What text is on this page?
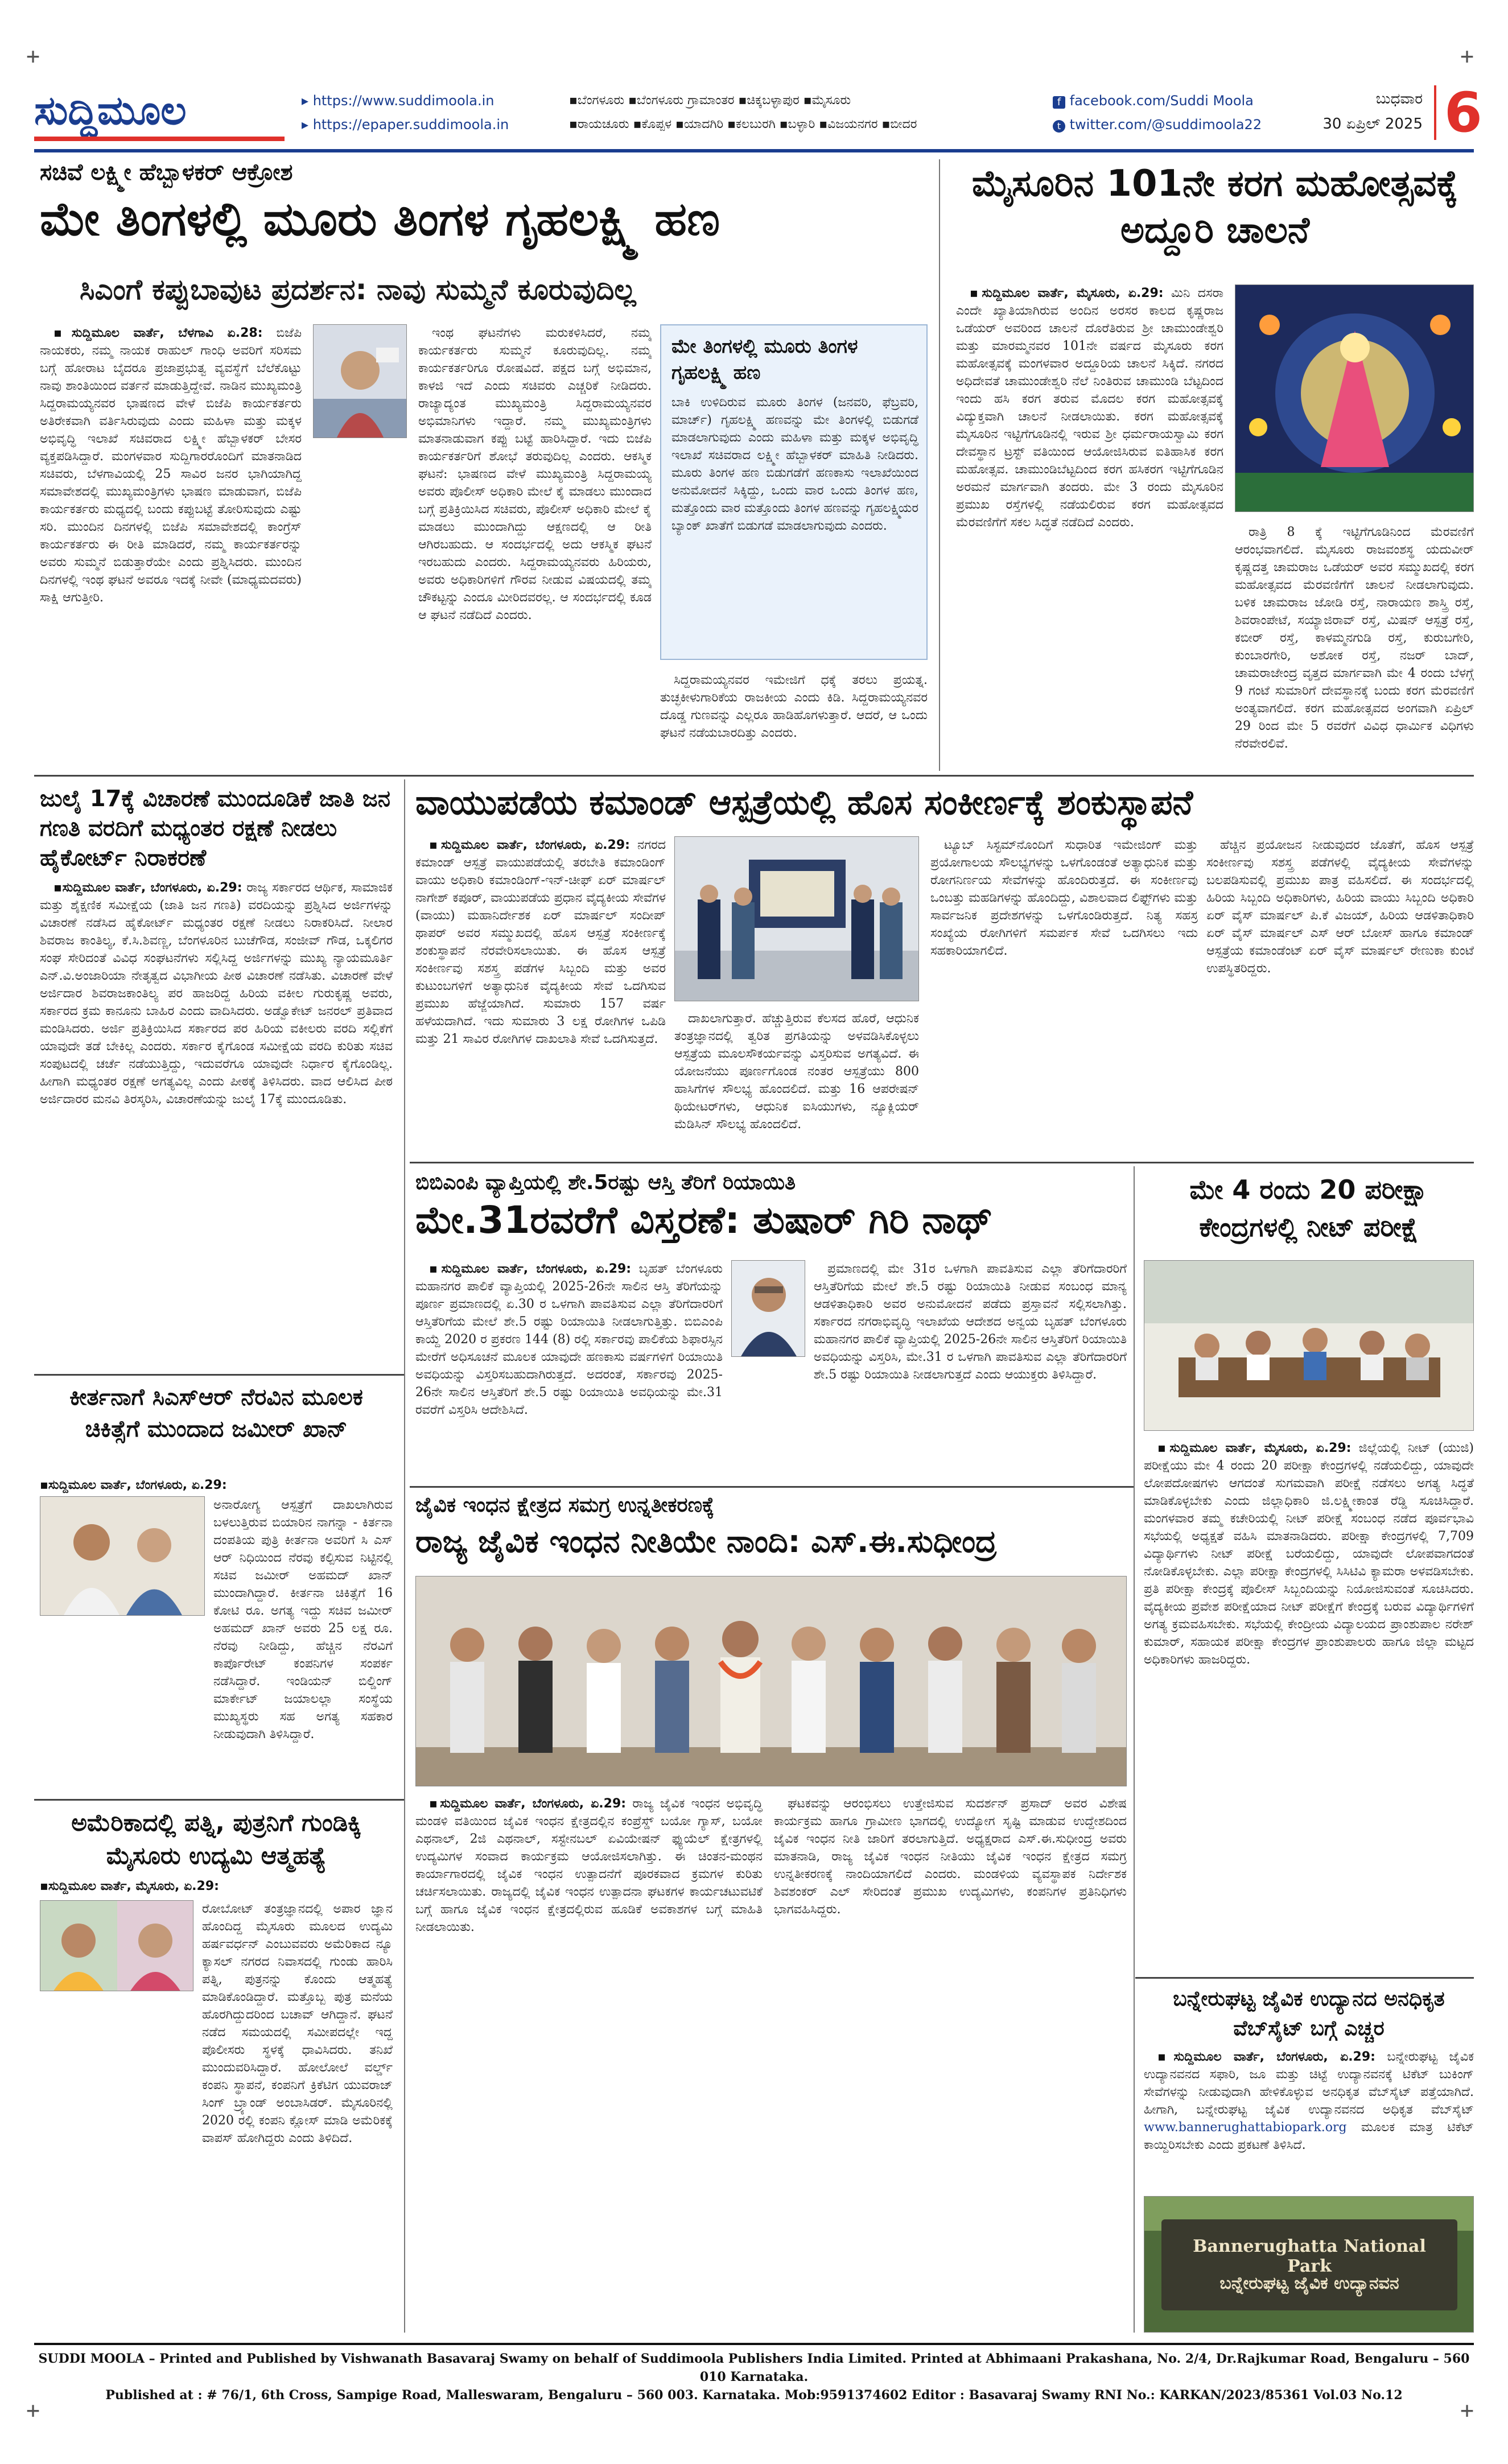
+	+
+	+
ಸುದ್ದಿಮೂಲ	▸ https://www.suddimoola.in
▸ https://epaper.suddimoola.in
▪ಬೆಂಗಳೂರು ▪ಬೆಂಗಳೂರು ಗ್ರಾಮಾಂತರ ▪ಚಿಕ್ಕಬಳ್ಳಾಪುರ ▪ಮೈಸೂರು
▪ರಾಯಚೂರು ▪ಕೊಪ್ಪಳ ▪ಯಾದಗಿರಿ ▪ಕಲಬುರಗಿ ▪ಬಳ್ಳಾರಿ ▪ವಿಜಯನಗರ ▪ಬೀದರ
f facebook.com/Suddi Moola
t twitter.com/@suddimoola22
ಬುಧವಾರ
30 ಏಪ್ರಿಲ್ 2025 6
ಸಚಿವೆ ಲಕ್ಷ್ಮೀ ಹೆಬ್ಬಾಳಕರ್ ಆಕ್ರೋಶ
ಮೇ ತಿಂಗಳಲ್ಲಿ ಮೂರು ತಿಂಗಳ ಗೃಹಲಕ್ಷ್ಮಿ ಹಣ
ಸಿಎಂಗೆ ಕಪ್ಪುಬಾವುಟ ಪ್ರದರ್ಶನ: ನಾವು ಸುಮ್ಮನೆ ಕೂರುವುದಿಲ್ಲ

▪ಸುದ್ದಿಮೂಲ ವಾರ್ತೆ, ಬೆಳಗಾವಿ ಏ.28: ಬಿಜೆಪಿ ನಾಯಕರು, ನಮ್ಮ ನಾಯಕ ರಾಹುಲ್ ಗಾಂಧಿ ಅವರಿಗೆ ಸರಿಸಮ ಬಗ್ಗೆ ಹೋರಾಟ ಬೈದರೂ ಪ್ರಜಾಪ್ರಭುತ್ವ ವ್ಯವಸ್ಥೆಗೆ ಬೆಲೆಕೊಟ್ಟು ನಾವು ಶಾಂತಿಯಿಂದ ವರ್ತನೆ ಮಾಡುತ್ತಿದ್ದೇವೆ. ನಾಡಿನ ಮುಖ್ಯಮಂತ್ರಿ ಸಿದ್ದರಾಮಯ್ಯನವರ ಭಾಷಣದ ವೇಳೆ ಬಿಜೆಪಿ ಕಾರ್ಯಕರ್ತರು ಅತಿರೇಕವಾಗಿ ವರ್ತಿಸಿರುವುದು ಎಂದು ಮಹಿಳಾ ಮತ್ತು ಮಕ್ಕಳ ಅಭಿವೃದ್ಧಿ ಇಲಾಖೆ ಸಚಿವರಾದ ಲಕ್ಷ್ಮೀ ಹೆಬ್ಬಾಳಕರ್ ಬೇಸರ ವ್ಯಕ್ತಪಡಿಸಿದ್ದಾರೆ. ಮಂಗಳವಾರ ಸುದ್ದಿಗಾರರೊಂದಿಗೆ ಮಾತನಾಡಿದ ಸಚಿವರು, ಬೆಳಗಾವಿಯಲ್ಲಿ 25 ಸಾವಿರ ಜನರ ಭಾಗಿಯಾಗಿದ್ದ ಸಮಾವೇಶದಲ್ಲಿ ಮುಖ್ಯಮಂತ್ರಿಗಳು ಭಾಷಣ ಮಾಡುವಾಗ, ಬಿಜೆಪಿ ಕಾರ್ಯಕರ್ತರು ಮಧ್ಯದಲ್ಲಿ ಬಂದು ಕಪ್ಪುಬಟ್ಟೆ ತೋರಿಸುವುದು ಎಷ್ಟು ಸರಿ. ಮುಂದಿನ ದಿನಗಳಲ್ಲಿ ಬಿಜೆಪಿ ಸಮಾವೇಶದಲ್ಲಿ ಕಾಂಗ್ರೆಸ್ ಕಾರ್ಯಕರ್ತರು ಈ ರೀತಿ ಮಾಡಿದರೆ, ನಮ್ಮ ಕಾರ್ಯಕರ್ತರನ್ನು ಅವರು ಸುಮ್ಮನೆ ಬಿಡುತ್ತಾರೆಯೇ ಎಂದು ಪ್ರಶ್ನಿಸಿದರು. ಮುಂದಿನ ದಿನಗಳಲ್ಲಿ ಇಂಥ ಘಟನೆ ಅವರೂ ಇದಕ್ಕೆ ನೀವೇ (ಮಾಧ್ಯಮದವರು) ಸಾಕ್ಷಿ ಆಗುತ್ತೀರಿ.

ಇಂಥ ಘಟನೆಗಳು ಮರುಕಳಿಸಿದರೆ, ನಮ್ಮ ಕಾರ್ಯಕರ್ತರು ಸುಮ್ಮನೆ ಕೂರುವುದಿಲ್ಲ. ನಮ್ಮ ಕಾರ್ಯಕರ್ತರಿಗೂ ರೋಷವಿದೆ. ಪಕ್ಷದ ಬಗ್ಗೆ ಅಭಿಮಾನ, ಕಾಳಜಿ ಇದೆ ಎಂದು ಸಚಿವರು ಎಚ್ಚರಿಕೆ ನೀಡಿದರು. ರಾಜ್ಯಾದ್ಯಂತ ಮುಖ್ಯಮಂತ್ರಿ ಸಿದ್ದರಾಮಯ್ಯನವರ ಅಭಿಮಾನಿಗಳು ಇದ್ದಾರೆ. ನಮ್ಮ ಮುಖ್ಯಮಂತ್ರಿಗಳು ಮಾತನಾಡುವಾಗ ಕಪ್ಪು ಬಟ್ಟೆ ಹಾರಿಸಿದ್ದಾರೆ. ಇದು ಬಿಜೆಪಿ ಕಾರ್ಯಕರ್ತರಿಗೆ ಶೋಭೆ ತರುವುದಿಲ್ಲ ಎಂದರು. ಆಕಸ್ಮಿಕ ಘಟನೆ: ಭಾಷಣದ ವೇಳೆ ಮುಖ್ಯಮಂತ್ರಿ ಸಿದ್ದರಾಮಯ್ಯ ಅವರು ಪೊಲೀಸ್ ಅಧಿಕಾರಿ ಮೇಲೆ ಕೈ ಮಾಡಲು ಮುಂದಾದ ಬಗ್ಗೆ ಪ್ರತಿಕ್ರಿಯಿಸಿದ ಸಚಿವರು, ಪೊಲೀಸ್ ಅಧಿಕಾರಿ ಮೇಲೆ ಕೈ ಮಾಡಲು ಮುಂದಾಗಿದ್ದು ಆಕ್ಷಣದಲ್ಲಿ ಆ ರೀತಿ ಆಗಿರಬಹುದು. ಆ ಸಂದರ್ಭದಲ್ಲಿ ಅದು ಆಕಸ್ಮಿಕ ಘಟನೆ ಇರಬಹುದು ಎಂದರು. ಸಿದ್ದರಾಮಯ್ಯನವರು ಹಿರಿಯರು, ಅವರು ಅಧಿಕಾರಿಗಳಿಗೆ ಗೌರವ ನೀಡುವ ವಿಷಯದಲ್ಲಿ ತಮ್ಮ ಚೌಕಟ್ಟನ್ನು ಎಂದೂ ಮೀರಿದವರಲ್ಲ. ಆ ಸಂದರ್ಭದಲ್ಲಿ ಕೂಡ ಆ ಘಟನೆ ನಡೆದಿದೆ ಎಂದರು.

ಮೇ ತಿಂಗಳಲ್ಲಿ ಮೂರು ತಿಂಗಳ ಗೃಹಲಕ್ಷ್ಮಿ ಹಣ
ಬಾಕಿ ಉಳಿದಿರುವ ಮೂರು ತಿಂಗಳ (ಜನವರಿ, ಫೆಬ್ರವರಿ, ಮಾರ್ಚ್) ಗೃಹಲಕ್ಷ್ಮಿ ಹಣವನ್ನು ಮೇ ತಿಂಗಳಲ್ಲಿ ಬಿಡುಗಡೆ ಮಾಡಲಾಗುವುದು ಎಂದು ಮಹಿಳಾ ಮತ್ತು ಮಕ್ಕಳ ಅಭಿವೃದ್ಧಿ ಇಲಾಖೆ ಸಚಿವರಾದ ಲಕ್ಷ್ಮೀ ಹೆಬ್ಬಾಳಕರ್ ಮಾಹಿತಿ ನೀಡಿದರು. ಮೂರು ತಿಂಗಳ ಹಣ ಬಿಡುಗಡೆಗೆ ಹಣಕಾಸು ಇಲಾಖೆಯಿಂದ ಅನುಮೋದನೆ ಸಿಕ್ಕಿದ್ದು, ಒಂದು ವಾರ ಒಂದು ತಿಂಗಳ ಹಣ, ಮತ್ತೊಂದು ವಾರ ಮತ್ತೊಂದು ತಿಂಗಳ ಹಣವನ್ನು ಗೃಹಲಕ್ಷ್ಮಿಯರ ಬ್ಯಾಂಕ್ ಖಾತೆಗೆ ಬಿಡುಗಡೆ ಮಾಡಲಾಗುವುದು ಎಂದರು.

ಸಿದ್ದರಾಮಯ್ಯನವರ ಇಮೇಜಿಗೆ ಧಕ್ಕೆ ತರಲು ಪ್ರಯತ್ನ. ತುಚ್ಛಕೀಳುಗಾರಿಕೆಯ ರಾಜಕೀಯ ಎಂದು ಕಿಡಿ. ಸಿದ್ದರಾಮಯ್ಯನವರ ದೊಡ್ಡ ಗುಣವನ್ನು ಎಲ್ಲರೂ ಹಾಡಿಹೊಗಳುತ್ತಾರೆ. ಆದರೆ, ಆ ಒಂದು ಘಟನೆ ನಡೆಯಬಾರದಿತ್ತು ಎಂದರು.

ಮೈಸೂರಿನ 101ನೇ ಕರಗ ಮಹೋತ್ಸವಕ್ಕೆ ಅದ್ದೂರಿ ಚಾಲನೆ

▪ಸುದ್ದಿಮೂಲ ವಾರ್ತೆ, ಮೈಸೂರು, ಏ.29: ಮಿನಿ ದಸರಾ ಎಂದೇ ಖ್ಯಾತಿಯಾಗಿರುವ ಅಂದಿನ ಅರಸರ ಕಾಲದ ಕೃಷ್ಣರಾಜ ಒಡೆಯರ್ ಅವರಿಂದ ಚಾಲನೆ ದೊರೆತಿರುವ ಶ್ರೀ ಚಾಮುಂಡೇಶ್ವರಿ ಮತ್ತು ಮಾರಮ್ಮನವರ 101ನೇ ವರ್ಷದ ಮೈಸೂರು ಕರಗ ಮಹೋತ್ಸವಕ್ಕೆ ಮಂಗಳವಾರ ಅದ್ದೂರಿಯ ಚಾಲನೆ ಸಿಕ್ಕಿದೆ. ನಗರದ ಅಧಿದೇವತೆ ಚಾಮುಂಡೇಶ್ವರಿ ನೆಲೆ ನಿಂತಿರುವ ಚಾಮುಂಡಿ ಬೆಟ್ಟದಿಂದ ಇಂದು ಹಸಿ ಕರಗ ತರುವ ಮೊದಲ ಕರಗ ಮಹೋತ್ಸವಕ್ಕೆ ವಿದ್ಯುಕ್ತವಾಗಿ ಚಾಲನೆ ನೀಡಲಾಯಿತು. ಕರಗ ಮಹೋತ್ಸವಕ್ಕೆ ಮೈಸೂರಿನ ಇಟ್ಟಿಗೆಗೂಡಿನಲ್ಲಿ ಇರುವ ಶ್ರೀ ಧರ್ಮರಾಯಸ್ವಾಮಿ ಕರಗ ದೇವಸ್ಥಾನ ಟ್ರಸ್ಟ್ ವತಿಯಿಂದ ಆಯೋಜಿಸಿರುವ ಐತಿಹಾಸಿಕ ಕರಗ ಮಹೋತ್ಸವ. ಚಾಮುಂಡಿಬೆಟ್ಟದಿಂದ ಕರಗ ಹಸಿಕರಗ ಇಟ್ಟಿಗೆಗೂಡಿನ ಅರಮನೆ ಮಾರ್ಗವಾಗಿ ತಂದರು. ಮೇ 3 ರಂದು ಮೈಸೂರಿನ ಪ್ರಮುಖ ರಸ್ತೆಗಳಲ್ಲಿ ನಡೆಯಲಿರುವ ಕರಗ ಮಹೋತ್ಸವದ ಮೆರವಣಿಗೆಗೆ ಸಕಲ ಸಿದ್ಧತೆ ನಡೆದಿದೆ ಎಂದರು.

ರಾತ್ರಿ 8 ಕ್ಕೆ ಇಟ್ಟಿಗೆಗೂಡಿನಿಂದ ಮೆರವಣಿಗೆ ಆರಂಭವಾಗಲಿದೆ. ಮೈಸೂರು ರಾಜವಂಶಸ್ಥ ಯದುವೀರ್ ಕೃಷ್ಣದತ್ತ ಚಾಮರಾಜ ಒಡೆಯರ್ ಅವರ ಸಮ್ಮುಖದಲ್ಲಿ ಕರಗ ಮಹೋತ್ಸವದ ಮೆರವಣಿಗೆಗೆ ಚಾಲನೆ ನೀಡಲಾಗುವುದು. ಬಳಿಕ ಚಾಮರಾಜ ಜೋಡಿ ರಸ್ತೆ, ನಾರಾಯಣ ಶಾಸ್ತ್ರಿ ರಸ್ತೆ, ಶಿವರಾಂಪೇಟೆ, ಸಯ್ಯಾಜಿರಾವ್ ರಸ್ತೆ, ಮಿಷನ್ ಆಸ್ಪತ್ರೆ ರಸ್ತೆ, ಕಬೀರ್ ರಸ್ತೆ, ಕಾಳಮ್ಮನಗುಡಿ ರಸ್ತೆ, ಕುರುಬಗೇರಿ, ಕುಂಬಾರಗೇರಿ, ಅಶೋಕ ರಸ್ತೆ, ನಜರ್ ಬಾದ್, ಚಾಮರಾಜೇಂದ್ರ ವೃತ್ತದ ಮಾರ್ಗವಾಗಿ ಮೇ 4 ರಂದು ಬೆಳಗ್ಗೆ 9 ಗಂಟೆ ಸುಮಾರಿಗೆ ದೇವಸ್ಥಾನಕ್ಕೆ ಬಂದು ಕರಗ ಮೆರವಣಿಗೆ ಅಂತ್ಯವಾಗಲಿದೆ. ಕರಗ ಮಹೋತ್ಸವದ ಅಂಗವಾಗಿ ಏಪ್ರಿಲ್ 29 ರಿಂದ ಮೇ 5 ರವರೆಗೆ ವಿವಿಧ ಧಾರ್ಮಿಕ ವಿಧಿಗಳು ನೆರವೇರಲಿವೆ.

ಜುಲೈ 17ಕ್ಕೆ ವಿಚಾರಣೆ ಮುಂದೂಡಿಕೆ ಜಾತಿ ಜನ ಗಣತಿ ವರದಿಗೆ ಮಧ್ಯಂತರ ರಕ್ಷಣೆ ನೀಡಲು ಹೈಕೋರ್ಟ್ ನಿರಾಕರಣೆ

▪ಸುದ್ದಿಮೂಲ ವಾರ್ತೆ, ಬೆಂಗಳೂರು, ಏ.29: ರಾಜ್ಯ ಸರ್ಕಾರದ ಆರ್ಥಿಕ, ಸಾಮಾಜಿಕ ಮತ್ತು ಶೈಕ್ಷಣಿಕ ಸಮೀಕ್ಷೆಯ (ಜಾತಿ ಜನ ಗಣತಿ) ವರದಿಯನ್ನು ಪ್ರಶ್ನಿಸಿದ ಅರ್ಜಿಗಳನ್ನು ವಿಚಾರಣೆ ನಡೆಸಿದ ಹೈಕೋರ್ಟ್ ಮಧ್ಯಂತರ ರಕ್ಷಣೆ ನೀಡಲು ನಿರಾಕರಿಸಿದೆ. ನೀಲಾರ ಶಿವರಾಜ ಕಾಂತಿಲ್ಯ, ಕೆ.ಸಿ.ಶಿವಣ್ಣ, ಬೆಂಗಳೂರಿನ ಬುಚೆಗೌಡ, ಸಂಜೀವ್ ಗೌಡ, ಒಕ್ಕಲಿಗರ ಸಂಘ ಸೇರಿದಂತೆ ವಿವಿಧ ಸಂಘಟನೆಗಳು ಸಲ್ಲಿಸಿದ್ದ ಅರ್ಜಿಗಳನ್ನು ಮುಖ್ಯ ನ್ಯಾಯಮೂರ್ತಿ ಎನ್.ವಿ.ಅಂಜಾರಿಯಾ ನೇತೃತ್ವದ ವಿಭಾಗೀಯ ಪೀಠ ವಿಚಾರಣೆ ನಡೆಸಿತು. ವಿಚಾರಣೆ ವೇಳೆ ಅರ್ಜಿದಾರ ಶಿವರಾಜಕಾಂತಿಲ್ಯ ಪರ ಹಾಜರಿದ್ದ ಹಿರಿಯ ವಕೀಲ ಗುರುಕೃಷ್ಣ ಅವರು, ಸರ್ಕಾರದ ಕ್ರಮ ಕಾನೂನು ಬಾಹಿರ ಎಂದು ವಾದಿಸಿದರು. ಅಡ್ವೊಕೇಟ್ ಜನರಲ್ ಪ್ರತಿವಾದ ಮಂಡಿಸಿದರು. ಅರ್ಜಿ ಪ್ರತಿಕ್ರಿಯಿಸಿದ ಸರ್ಕಾರದ ಪರ ಹಿರಿಯ ವಕೀಲರು ವರದಿ ಸಲ್ಲಿಕೆಗೆ ಯಾವುದೇ ತಡೆ ಬೇಕಿಲ್ಲ ಎಂದರು. ಸರ್ಕಾರ ಕೈಗೊಂಡ ಸಮೀಕ್ಷೆಯ ವರದಿ ಕುರಿತು ಸಚಿವ ಸಂಪುಟದಲ್ಲಿ ಚರ್ಚೆ ನಡೆಯುತ್ತಿದ್ದು, ಇದುವರೆಗೂ ಯಾವುದೇ ನಿರ್ಧಾರ ಕೈಗೊಂಡಿಲ್ಲ. ಹೀಗಾಗಿ ಮಧ್ಯಂತರ ರಕ್ಷಣೆ ಅಗತ್ಯವಿಲ್ಲ ಎಂದು ಪೀಠಕ್ಕೆ ತಿಳಿಸಿದರು. ವಾದ ಆಲಿಸಿದ ಪೀಠ ಅರ್ಜಿದಾರರ ಮನವಿ ತಿರಸ್ಕರಿಸಿ, ವಿಚಾರಣೆಯನ್ನು ಜುಲೈ 17ಕ್ಕೆ ಮುಂದೂಡಿತು.

ವಾಯುಪಡೆಯ ಕಮಾಂಡ್ ಆಸ್ಪತ್ರೆಯಲ್ಲಿ ಹೊಸ ಸಂಕೀರ್ಣಕ್ಕೆ ಶಂಕುಸ್ಥಾಪನೆ

▪ಸುದ್ದಿಮೂಲ ವಾರ್ತೆ, ಬೆಂಗಳೂರು, ಏ.29: ನಗರದ ಕಮಾಂಡ್ ಆಸ್ಪತ್ರೆ ವಾಯುಪಡೆಯಲ್ಲಿ ತರಬೇತಿ ಕಮಾಂಡಿಂಗ್ ವಾಯು ಅಧಿಕಾರಿ ಕಮಾಂಡಿಂಗ್-ಇನ್-ಚೀಫ್ ಏರ್ ಮಾರ್ಷಲ್ ನಾಗೇಶ್ ಕಪೂರ್, ವಾಯುಪಡೆಯ ಪ್ರಧಾನ ವೈದ್ಯಕೀಯ ಸೇವೆಗಳ (ವಾಯು) ಮಹಾನಿರ್ದೇಶಕ ಏರ್ ಮಾರ್ಷಲ್ ಸಂದೀಪ್ ಥಾಪರ್ ಅವರ ಸಮ್ಮುಖದಲ್ಲಿ ಹೊಸ ಆಸ್ಪತ್ರೆ ಸಂಕೀರ್ಣಕ್ಕೆ ಶಂಕುಸ್ಥಾಪನೆ ನೆರವೇರಿಸಲಾಯಿತು. ಈ ಹೊಸ ಆಸ್ಪತ್ರೆ ಸಂಕೀರ್ಣವು ಸಶಸ್ತ್ರ ಪಡೆಗಳ ಸಿಬ್ಬಂದಿ ಮತ್ತು ಅವರ ಕುಟುಂಬಗಳಿಗೆ ಅತ್ಯಾಧುನಿಕ ವೈದ್ಯಕೀಯ ಸೇವೆ ಒದಗಿಸುವ ಪ್ರಮುಖ ಹೆಜ್ಜೆಯಾಗಿದೆ. ಸುಮಾರು 157 ವರ್ಷ ಹಳೆಯದಾಗಿದೆ. ಇದು ಸುಮಾರು 3 ಲಕ್ಷ ರೋಗಿಗಳ ಒಪಿಡಿ ಮತ್ತು 21 ಸಾವಿರ ರೋಗಿಗಳ ದಾಖಲಾತಿ ಸೇವೆ ಒದಗಿಸುತ್ತದೆ.

ದಾಖಲಾಗುತ್ತಾರೆ. ಹೆಚ್ಚುತ್ತಿರುವ ಕೆಲಸದ ಹೊರೆ, ಆಧುನಿಕ ತಂತ್ರಜ್ಞಾನದಲ್ಲಿ ತ್ವರಿತ ಪ್ರಗತಿಯನ್ನು ಅಳವಡಿಸಿಕೊಳ್ಳಲು ಆಸ್ಪತ್ರೆಯ ಮೂಲಸೌಕರ್ಯವನ್ನು ವಿಸ್ತರಿಸುವ ಅಗತ್ಯವಿದೆ. ಈ ಯೋಜನೆಯು ಪೂರ್ಣಗೊಂಡ ನಂತರ ಆಸ್ಪತ್ರೆಯು 800 ಹಾಸಿಗೆಗಳ ಸೌಲಭ್ಯ ಹೊಂದಲಿದೆ. ಮತ್ತು 16 ಆಪರೇಷನ್ ಥಿಯೇಟರ್‌ಗಳು, ಆಧುನಿಕ ಐಸಿಯುಗಳು, ನ್ಯೂಕ್ಲಿಯರ್ ಮೆಡಿಸಿನ್ ಸೌಲಭ್ಯ ಹೊಂದಲಿದೆ.

ಟ್ಯೂಬ್ ಸಿಸ್ಟಮ್‌ನೊಂದಿಗೆ ಸುಧಾರಿತ ಇಮೇಜಿಂಗ್ ಮತ್ತು ಪ್ರಯೋಗಾಲಯ ಸೌಲಭ್ಯಗಳನ್ನು ಒಳಗೊಂಡಂತೆ ಅತ್ಯಾಧುನಿಕ ಮತ್ತು ರೋಗನಿರ್ಣಯ ಸೇವೆಗಳನ್ನು ಹೊಂದಿರುತ್ತದೆ. ಈ ಸಂಕೀರ್ಣವು ಒಂಬತ್ತು ಮಹಡಿಗಳನ್ನು ಹೊಂದಿದ್ದು, ವಿಶಾಲವಾದ ಲಿಫ್ಟ್‌ಗಳು ಮತ್ತು ಸಾರ್ವಜನಿಕ ಪ್ರದೇಶಗಳನ್ನು ಒಳಗೊಂಡಿರುತ್ತದೆ. ನಿತ್ಯ ಸಹಸ್ರ ಸಂಖ್ಯೆಯ ರೋಗಿಗಳಿಗೆ ಸಮರ್ಪಕ ಸೇವೆ ಒದಗಿಸಲು ಇದು ಸಹಕಾರಿಯಾಗಲಿದೆ.

ಹೆಚ್ಚಿನ ಪ್ರಯೋಜನ ನೀಡುವುದರ ಜೊತೆಗೆ, ಹೊಸ ಆಸ್ಪತ್ರೆ ಸಂಕೀರ್ಣವು ಸಶಸ್ತ್ರ ಪಡೆಗಳಲ್ಲಿ ವೈದ್ಯಕೀಯ ಸೇವೆಗಳನ್ನು ಬಲಪಡಿಸುವಲ್ಲಿ ಪ್ರಮುಖ ಪಾತ್ರ ವಹಿಸಲಿದೆ. ಈ ಸಂದರ್ಭದಲ್ಲಿ ಹಿರಿಯ ಸಿಬ್ಬಂದಿ ಅಧಿಕಾರಿಗಳು, ಹಿರಿಯ ವಾಯು ಸಿಬ್ಬಂದಿ ಅಧಿಕಾರಿ ಏರ್ ವೈಸ್ ಮಾರ್ಷಲ್ ಪಿ.ಕೆ ವಿಜಯ್, ಹಿರಿಯ ಆಡಳಿತಾಧಿಕಾರಿ ಏರ್ ವೈಸ್ ಮಾರ್ಷಲ್ ಎಸ್ ಆರ್ ಬೋಸ್ ಹಾಗೂ ಕಮಾಂಡ್ ಆಸ್ಪತ್ರೆಯ ಕಮಾಂಡೆಂಟ್ ಏರ್ ವೈಸ್ ಮಾರ್ಷಲ್ ರೇಣುಕಾ ಕುಂಟೆ ಉಪಸ್ಥಿತರಿದ್ದರು.

ಬಿಬಿಎಂಪಿ ವ್ಯಾಪ್ತಿಯಲ್ಲಿ ಶೇ.5ರಷ್ಟು ಆಸ್ತಿ ತೆರಿಗೆ ರಿಯಾಯಿತಿ
ಮೇ.31ರವರೆಗೆ ವಿಸ್ತರಣೆ: ತುಷಾರ್ ಗಿರಿ ನಾಥ್

▪ಸುದ್ದಿಮೂಲ ವಾರ್ತೆ, ಬೆಂಗಳೂರು, ಏ.29: ಬೃಹತ್ ಬೆಂಗಳೂರು ಮಹಾನಗರ ಪಾಲಿಕೆ ವ್ಯಾಪ್ತಿಯಲ್ಲಿ 2025-26ನೇ ಸಾಲಿನ ಆಸ್ತಿ ತೆರಿಗೆಯನ್ನು ಪೂರ್ಣ ಪ್ರಮಾಣದಲ್ಲಿ ಏ.30 ರ ಒಳಗಾಗಿ ಪಾವತಿಸುವ ಎಲ್ಲಾ ತೆರಿಗೆದಾರರಿಗೆ ಆಸ್ತಿತೆರಿಗೆಯ ಮೇಲೆ ಶೇ.5 ರಷ್ಟು ರಿಯಾಯಿತಿ ನೀಡಲಾಗುತ್ತಿತ್ತು. ಬಿಬಿಎಂಪಿ ಕಾಯ್ದೆ 2020 ರ ಪ್ರಕರಣ 144 (8) ರಲ್ಲಿ ಸರ್ಕಾರವು ಪಾಲಿಕೆಯ ಶಿಫಾರಸ್ಸಿನ ಮೇರೆಗೆ ಅಧಿಸೂಚನೆ ಮೂಲಕ ಯಾವುದೇ ಹಣಕಾಸು ವರ್ಷಗಳಿಗೆ ರಿಯಾಯಿತಿ ಅವಧಿಯನ್ನು ವಿಸ್ತರಿಸಬಹುದಾಗಿರುತ್ತದೆ. ಅದರಂತೆ, ಸರ್ಕಾರವು 2025-26ನೇ ಸಾಲಿನ ಆಸ್ತಿತೆರಿಗೆ ಶೇ.5 ರಷ್ಟು ರಿಯಾಯಿತಿ ಅವಧಿಯನ್ನು ಮೇ.31 ರವರೆಗೆ ವಿಸ್ತರಿಸಿ ಆದೇಶಿಸಿದೆ.

ಪ್ರಮಾಣದಲ್ಲಿ ಮೇ 31ರ ಒಳಗಾಗಿ ಪಾವತಿಸುವ ಎಲ್ಲಾ ತೆರಿಗೆದಾರರಿಗೆ ಆಸ್ತಿತೆರಿಗೆಯ ಮೇಲೆ ಶೇ.5 ರಷ್ಟು ರಿಯಾಯಿತಿ ನೀಡುವ ಸಂಬಂಧ ಮಾನ್ಯ ಆಡಳಿತಾಧಿಕಾರಿ ಅವರ ಅನುಮೋದನೆ ಪಡೆದು ಪ್ರಸ್ತಾವನೆ ಸಲ್ಲಿಸಲಾಗಿತ್ತು. ಸರ್ಕಾರದ ನಗರಾಭಿವೃದ್ಧಿ ಇಲಾಖೆಯ ಆದೇಶದ ಅನ್ವಯ ಬೃಹತ್ ಬೆಂಗಳೂರು ಮಹಾನಗರ ಪಾಲಿಕೆ ವ್ಯಾಪ್ತಿಯಲ್ಲಿ 2025-26ನೇ ಸಾಲಿನ ಆಸ್ತಿತೆರಿಗೆ ರಿಯಾಯಿತಿ ಅವಧಿಯನ್ನು ವಿಸ್ತರಿಸಿ, ಮೇ.31 ರ ಒಳಗಾಗಿ ಪಾವತಿಸುವ ಎಲ್ಲಾ ತೆರಿಗೆದಾರರಿಗೆ ಶೇ.5 ರಷ್ಟು ರಿಯಾಯಿತಿ ನೀಡಲಾಗುತ್ತದೆ ಎಂದು ಆಯುಕ್ತರು ತಿಳಿಸಿದ್ದಾರೆ.

ಮೇ 4 ರಂದು 20 ಪರೀಕ್ಷಾ ಕೇಂದ್ರಗಳಲ್ಲಿ ನೀಟ್ ಪರೀಕ್ಷೆ

▪ಸುದ್ದಿಮೂಲ ವಾರ್ತೆ, ಮೈಸೂರು, ಏ.29: ಜಿಲ್ಲೆಯಲ್ಲಿ ನೀಟ್ (ಯುಜಿ) ಪರೀಕ್ಷೆಯು ಮೇ 4 ರಂದು 20 ಪರೀಕ್ಷಾ ಕೇಂದ್ರಗಳಲ್ಲಿ ನಡೆಯಲಿದ್ದು, ಯಾವುದೇ ಲೋಪದೋಷಗಳು ಆಗದಂತೆ ಸುಗಮವಾಗಿ ಪರೀಕ್ಷೆ ನಡೆಸಲು ಅಗತ್ಯ ಸಿದ್ಧತೆ ಮಾಡಿಕೊಳ್ಳಬೇಕು ಎಂದು ಜಿಲ್ಲಾಧಿಕಾರಿ ಜಿ.ಲಕ್ಷ್ಮೀಕಾಂತ ರೆಡ್ಡಿ ಸೂಚಿಸಿದ್ದಾರೆ. ಮಂಗಳವಾರ ತಮ್ಮ ಕಚೇರಿಯಲ್ಲಿ ನೀಟ್ ಪರೀಕ್ಷೆ ಸಂಬಂಧ ನಡೆದ ಪೂರ್ವಭಾವಿ ಸಭೆಯಲ್ಲಿ ಅಧ್ಯಕ್ಷತೆ ವಹಿಸಿ ಮಾತನಾಡಿದರು. ಪರೀಕ್ಷಾ ಕೇಂದ್ರಗಳಲ್ಲಿ 7,709 ವಿದ್ಯಾರ್ಥಿಗಳು ನೀಟ್ ಪರೀಕ್ಷೆ ಬರೆಯಲಿದ್ದು, ಯಾವುದೇ ಲೋಪವಾಗದಂತೆ ನೋಡಿಕೊಳ್ಳಬೇಕು. ಎಲ್ಲಾ ಪರೀಕ್ಷಾ ಕೇಂದ್ರಗಳಲ್ಲಿ ಸಿಸಿಟಿವಿ ಕ್ಯಾಮರಾ ಅಳವಡಿಸಬೇಕು. ಪ್ರತಿ ಪರೀಕ್ಷಾ ಕೇಂದ್ರಕ್ಕೆ ಪೊಲೀಸ್ ಸಿಬ್ಬಂದಿಯನ್ನು ನಿಯೋಜಿಸುವಂತೆ ಸೂಚಿಸಿದರು. ವೈದ್ಯಕೀಯ ಪ್ರವೇಶ ಪರೀಕ್ಷೆಯಾದ ನೀಟ್ ಪರೀಕ್ಷೆಗೆ ಕೇಂದ್ರಕ್ಕೆ ಬರುವ ವಿದ್ಯಾರ್ಥಿಗಳಿಗೆ ಅಗತ್ಯ ಕ್ರಮವಹಿಸಬೇಕು. ಸಭೆಯಲ್ಲಿ ಕೇಂದ್ರೀಯ ವಿದ್ಯಾಲಯದ ಪ್ರಾಂಶುಪಾಲ ನರೇಶ್ ಕುಮಾರ್, ಸಹಾಯಕ ಪರೀಕ್ಷಾ ಕೇಂದ್ರಗಳ ಪ್ರಾಂಶುಪಾಲರು ಹಾಗೂ ಜಿಲ್ಲಾ ಮಟ್ಟದ ಅಧಿಕಾರಿಗಳು ಹಾಜರಿದ್ದರು.

ಕೀರ್ತನಾಗೆ ಸಿಎಸ್‌ಆರ್ ನೆರವಿನ ಮೂಲಕ ಚಿಕಿತ್ಸೆಗೆ ಮುಂದಾದ ಜಮೀರ್ ಖಾನ್
▪ಸುದ್ದಿಮೂಲ ವಾರ್ತೆ, ಬೆಂಗಳೂರು, ಏ.29:

ಅನಾರೋಗ್ಯ ಆಸ್ಪತ್ರೆಗೆ ದಾಖಲಾಗಿರುವ ಬಳಲುತ್ತಿರುವ ಬಿಯಾರಿನ ನಾಗನ್ನಾ - ಕಿರ್ತನಾ ದಂಪತಿಯ ಪುತ್ರಿ ಕೀರ್ತನಾ ಅವರಿಗೆ ಸಿ ಎಸ್ ಆರ್ ನಿಧಿಯಿಂದ ನೆರವು ಕಲ್ಪಿಸುವ ನಿಟ್ಟಿನಲ್ಲಿ ಸಚಿವ ಜಮೀರ್ ಅಹಮದ್ ಖಾನ್ ಮುಂದಾಗಿದ್ದಾರೆ. ಕೀರ್ತನಾ ಚಿಕಿತ್ಸೆಗೆ 16 ಕೋಟಿ ರೂ. ಅಗತ್ಯ ಇದ್ದು ಸಚಿವ ಜಮೀರ್ ಅಹಮದ್ ಖಾನ್ ಅವರು 25 ಲಕ್ಷ ರೂ. ನೆರವು ನೀಡಿದ್ದು, ಹೆಚ್ಚಿನ ನೆರವಿಗೆ ಕಾರ್ಪೊರೇಟ್ ಕಂಪನಿಗಳ ಸಂಪರ್ಕ ನಡೆಸಿದ್ದಾರೆ. ಇಂಡಿಯನ್ ಬಿಲ್ಡಿಂಗ್ ಮಾರ್ಕೇಟ್ ಜಯಾಲಲ್ಲಾ ಸಂಸ್ಥೆಯ ಮುಖ್ಯಸ್ಥರು ಸಹ ಅಗತ್ಯ ಸಹಕಾರ ನೀಡುವುದಾಗಿ ತಿಳಿಸಿದ್ದಾರೆ.

ಅಮೆರಿಕಾದಲ್ಲಿ ಪತ್ನಿ, ಪುತ್ರನಿಗೆ ಗುಂಡಿಕ್ಕಿ ಮೈಸೂರು ಉದ್ಯಮಿ ಆತ್ಮಹತ್ಯೆ
▪ಸುದ್ದಿಮೂಲ ವಾರ್ತೆ, ಮೈಸೂರು, ಏ.29:

ರೋಬೋಟ್ ತಂತ್ರಜ್ಞಾನದಲ್ಲಿ ಅಪಾರ ಜ್ಞಾನ ಹೊಂದಿದ್ದ ಮೈಸೂರು ಮೂಲದ ಉದ್ಯಮಿ ಹರ್ಷವರ್ಧನ್ ಎಂಬುವವರು ಅಮೆರಿಕಾದ ನ್ಯೂ ಕ್ಯಾಸಲ್ ನಗರದ ನಿವಾಸದಲ್ಲಿ ಗುಂಡು ಹಾರಿಸಿ ಪತ್ನಿ, ಪುತ್ರನನ್ನು ಕೊಂದು ಆತ್ಮಹತ್ಯೆ ಮಾಡಿಕೊಂಡಿದ್ದಾರೆ. ಮತ್ತೊಬ್ಬ ಪುತ್ರ ಮನೆಯ ಹೊರಗಿದ್ದುದರಿಂದ ಬಚಾವ್ ಆಗಿದ್ದಾನೆ. ಘಟನೆ ನಡೆದ ಸಮಯದಲ್ಲಿ ಸಮೀಪದಲ್ಲೇ ಇದ್ದ ಪೊಲೀಸರು ಸ್ಥಳಕ್ಕೆ ಧಾವಿಸಿದರು. ತನಿಖೆ ಮುಂದುವರಿಸಿದ್ದಾರೆ. ಹೋಲೋಲೆ ವರ್ಲ್ಡ್ ಕಂಪನಿ ಸ್ಥಾಪನೆ, ಕಂಪನಿಗೆ ಕ್ರಿಕೆಟಿಗ ಯುವರಾಜ್ ಸಿಂಗ್ ಬ್ರ್ಯಾಂಡ್ ಅಂಬಾಸಿಡರ್. ಮೈಸೂರಿನಲ್ಲಿ 2020 ರಲ್ಲಿ ಕಂಪನಿ ಕ್ಲೋಸ್ ಮಾಡಿ ಅಮೆರಿಕಕ್ಕೆ ವಾಪಸ್ ಹೋಗಿದ್ದರು ಎಂದು ತಿಳಿದಿದೆ.

ಜೈವಿಕ ಇಂಧನ ಕ್ಷೇತ್ರದ ಸಮಗ್ರ ಉನ್ನತೀಕರಣಕ್ಕೆ
ರಾಜ್ಯ ಜೈವಿಕ ಇಂಧನ ನೀತಿಯೇ ನಾಂದಿ: ಎಸ್.ಈ.ಸುಧೀಂದ್ರ

▪ಸುದ್ದಿಮೂಲ ವಾರ್ತೆ, ಬೆಂಗಳೂರು, ಏ.29: ರಾಜ್ಯ ಜೈವಿಕ ಇಂಧನ ಅಭಿವೃದ್ಧಿ ಮಂಡಳಿ ವತಿಯಿಂದ ಜೈವಿಕ ಇಂಧನ ಕ್ಷೇತ್ರದಲ್ಲಿನ ಕಂಪ್ರೆಸ್ಡ್ ಬಯೋ ಗ್ಯಾಸ್, ಬಯೋ ಎಥನಾಲ್, 2ಜಿ ಎಥನಾಲ್, ಸಸ್ಟೇನಬಲ್ ಏವಿಯೇಷನ್ ಫ್ಯುಯೆಲ್ ಕ್ಷೇತ್ರಗಳಲ್ಲಿ ಉದ್ಯಮಿಗಳ ಸಂವಾದ ಕಾರ್ಯಕ್ರಮ ಆಯೋಜಿಸಲಾಗಿತ್ತು. ಈ ಚಿಂತನ-ಮಂಥನ ಕಾರ್ಯಾಗಾರದಲ್ಲಿ ಜೈವಿಕ ಇಂಧನ ಉತ್ಪಾದನೆಗೆ ಪೂರಕವಾದ ಕ್ರಮಗಳ ಕುರಿತು ಚರ್ಚಿಸಲಾಯಿತು. ರಾಜ್ಯದಲ್ಲಿ ಜೈವಿಕ ಇಂಧನ ಉತ್ಪಾದನಾ ಘಟಕಗಳ ಕಾರ್ಯಚಟುವಟಿಕೆ ಬಗ್ಗೆ ಹಾಗೂ ಜೈವಿಕ ಇಂಧನ ಕ್ಷೇತ್ರದಲ್ಲಿರುವ ಹೂಡಿಕೆ ಅವಕಾಶಗಳ ಬಗ್ಗೆ ಮಾಹಿತಿ ನೀಡಲಾಯಿತು.

ಘಟಕವನ್ನು ಆರಂಭಿಸಲು ಉತ್ತೇಜಿಸುವ ಸುದರ್ಶನ್ ಪ್ರಸಾದ್ ಅವರ ವಿಶೇಷ ಕಾರ್ಯಕ್ರಮ ಹಾಗೂ ಗ್ರಾಮೀಣ ಭಾಗದಲ್ಲಿ ಉದ್ಯೋಗ ಸೃಷ್ಟಿ ಮಾಡುವ ಉದ್ದೇಶದಿಂದ ಜೈವಿಕ ಇಂಧನ ನೀತಿ ಜಾರಿಗೆ ತರಲಾಗುತ್ತಿದೆ. ಅಧ್ಯಕ್ಷರಾದ ಎಸ್.ಈ.ಸುಧೀಂದ್ರ ಅವರು ಮಾತನಾಡಿ, ರಾಜ್ಯ ಜೈವಿಕ ಇಂಧನ ನೀತಿಯು ಜೈವಿಕ ಇಂಧನ ಕ್ಷೇತ್ರದ ಸಮಗ್ರ ಉನ್ನತೀಕರಣಕ್ಕೆ ನಾಂದಿಯಾಗಲಿದೆ ಎಂದರು. ಮಂಡಳಿಯ ವ್ಯವಸ್ಥಾಪಕ ನಿರ್ದೇಶಕ ಶಿವಶಂಕರ್ ಎಲ್ ಸೇರಿದಂತೆ ಪ್ರಮುಖ ಉದ್ಯಮಿಗಳು, ಕಂಪನಿಗಳ ಪ್ರತಿನಿಧಿಗಳು ಭಾಗವಹಿಸಿದ್ದರು.

ಬನ್ನೇರುಘಟ್ಟ ಜೈವಿಕ ಉದ್ಯಾನದ ಅನಧಿಕೃತ ವೆಬ್‌ಸೈಟ್ ಬಗ್ಗೆ ಎಚ್ಚರ

▪ಸುದ್ದಿಮೂಲ ವಾರ್ತೆ, ಬೆಂಗಳೂರು, ಏ.29: ಬನ್ನೇರುಘಟ್ಟ ಜೈವಿಕ ಉದ್ಯಾನವನದ ಸಫಾರಿ, ಜೂ ಮತ್ತು ಚಿಟ್ಟೆ ಉದ್ಯಾನವನಕ್ಕೆ ಟಿಕೆಟ್ ಬುಕಿಂಗ್ ಸೇವೆಗಳನ್ನು ನೀಡುವುದಾಗಿ ಹೇಳಿಕೊಳ್ಳುವ ಅನಧಿಕೃತ ವೆಬ್‌ಸೈಟ್ ಪತ್ತೆಯಾಗಿದೆ. ಹೀಗಾಗಿ, ಬನ್ನೇರುಘಟ್ಟ ಜೈವಿಕ ಉದ್ಯಾನವನದ ಅಧಿಕೃತ ವೆಬ್‌ಸೈಟ್ www.bannerughattabiopark.org ಮೂಲಕ ಮಾತ್ರ ಟಿಕೆಟ್ ಕಾಯ್ದಿರಿಸಬೇಕು ಎಂದು ಪ್ರಕಟಣೆ ತಿಳಿಸಿದೆ.

Bannerughatta National Park
ಬನ್ನೇರುಘಟ್ಟ ಜೈವಿಕ ಉದ್ಯಾನವನ
SUDDI MOOLA – Printed and Published by Vishwanath Basavaraj Swamy on behalf of Suddimoola Publishers India Limited. Printed at Abhimaani Prakashana, No. 2/4, Dr.Rajkumar Road, Bengaluru – 560 010 Karnataka.
Published at : # 76/1, 6th Cross, Sampige Road, Malleswaram, Bengaluru – 560 003. Karnataka. Mob:9591374602 Editor : Basavaraj Swamy RNI No.: KARKAN/2023/85361 Vol.03 No.12
